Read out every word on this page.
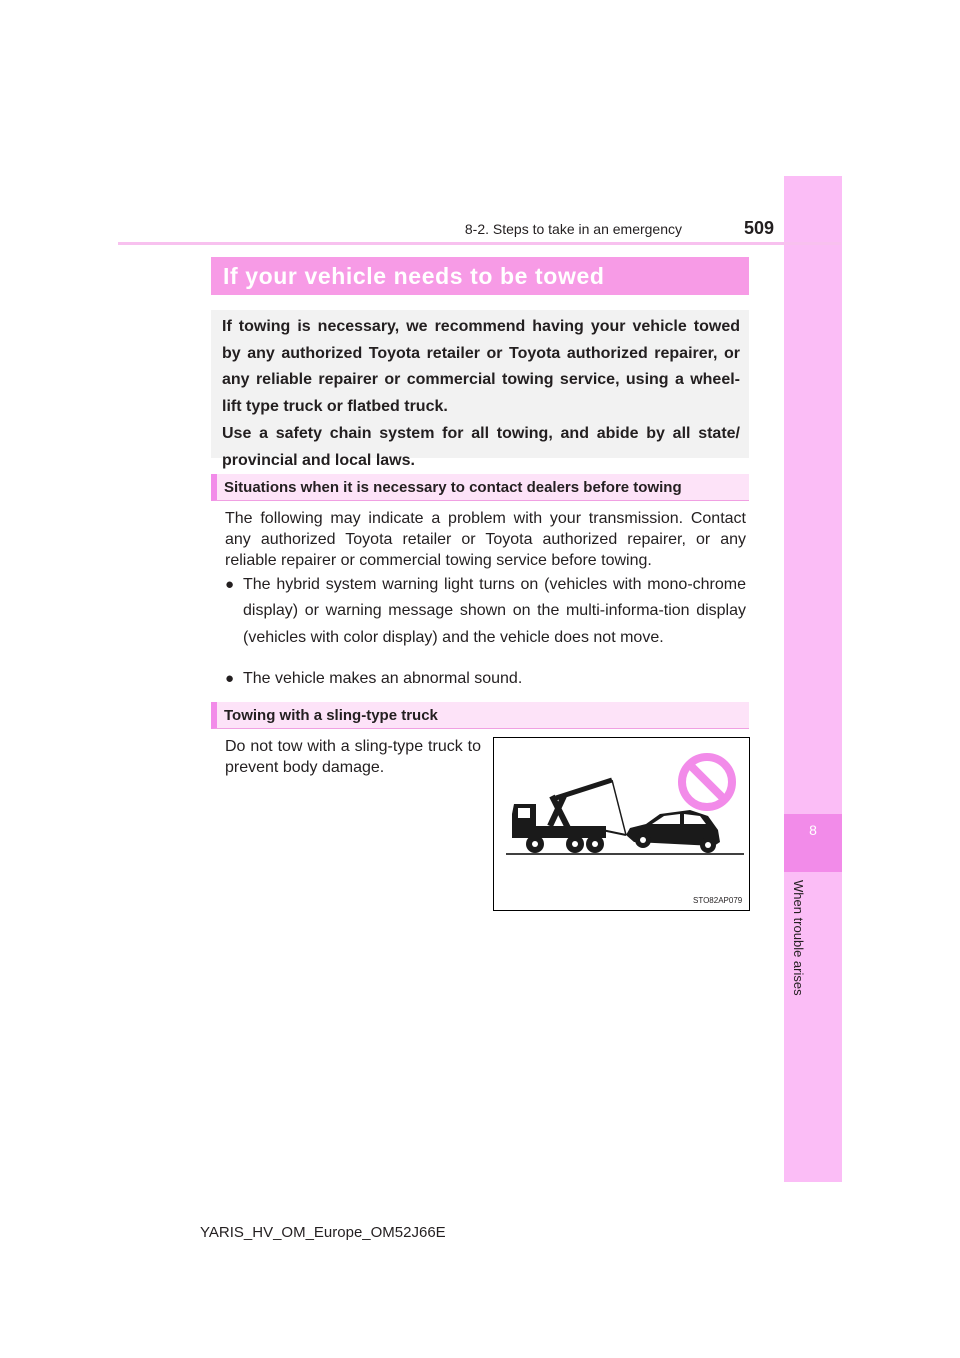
8
When trouble arises
8-2. Steps to take in an emergency	509
If your vehicle needs to be towed

If towing is necessary, we recommend having your vehicle towed by any authorized Toyota retailer or Toyota authorized repairer, or any reliable repairer or commercial towing service, using a wheel-lift type truck or flatbed truck.

Use a safety chain system for all towing, and abide by all state/ provincial and local laws.

Situations when it is necessary to contact dealers before towing
The following may indicate a problem with your transmission. Contact any authorized Toyota retailer or Toyota authorized repairer, or any reliable repairer or commercial towing service before towing.
● The hybrid system warning light turns on (vehicles with mono-chrome display) or warning message shown on the multi-informa-tion display (vehicles with color display) and the vehicle does not move.
● The vehicle makes an abnormal sound.
Towing with a sling-type truck
Do not tow with a sling-type truck to prevent body damage.
STO82AP079
YARIS_HV_OM_Europe_OM52J66E
